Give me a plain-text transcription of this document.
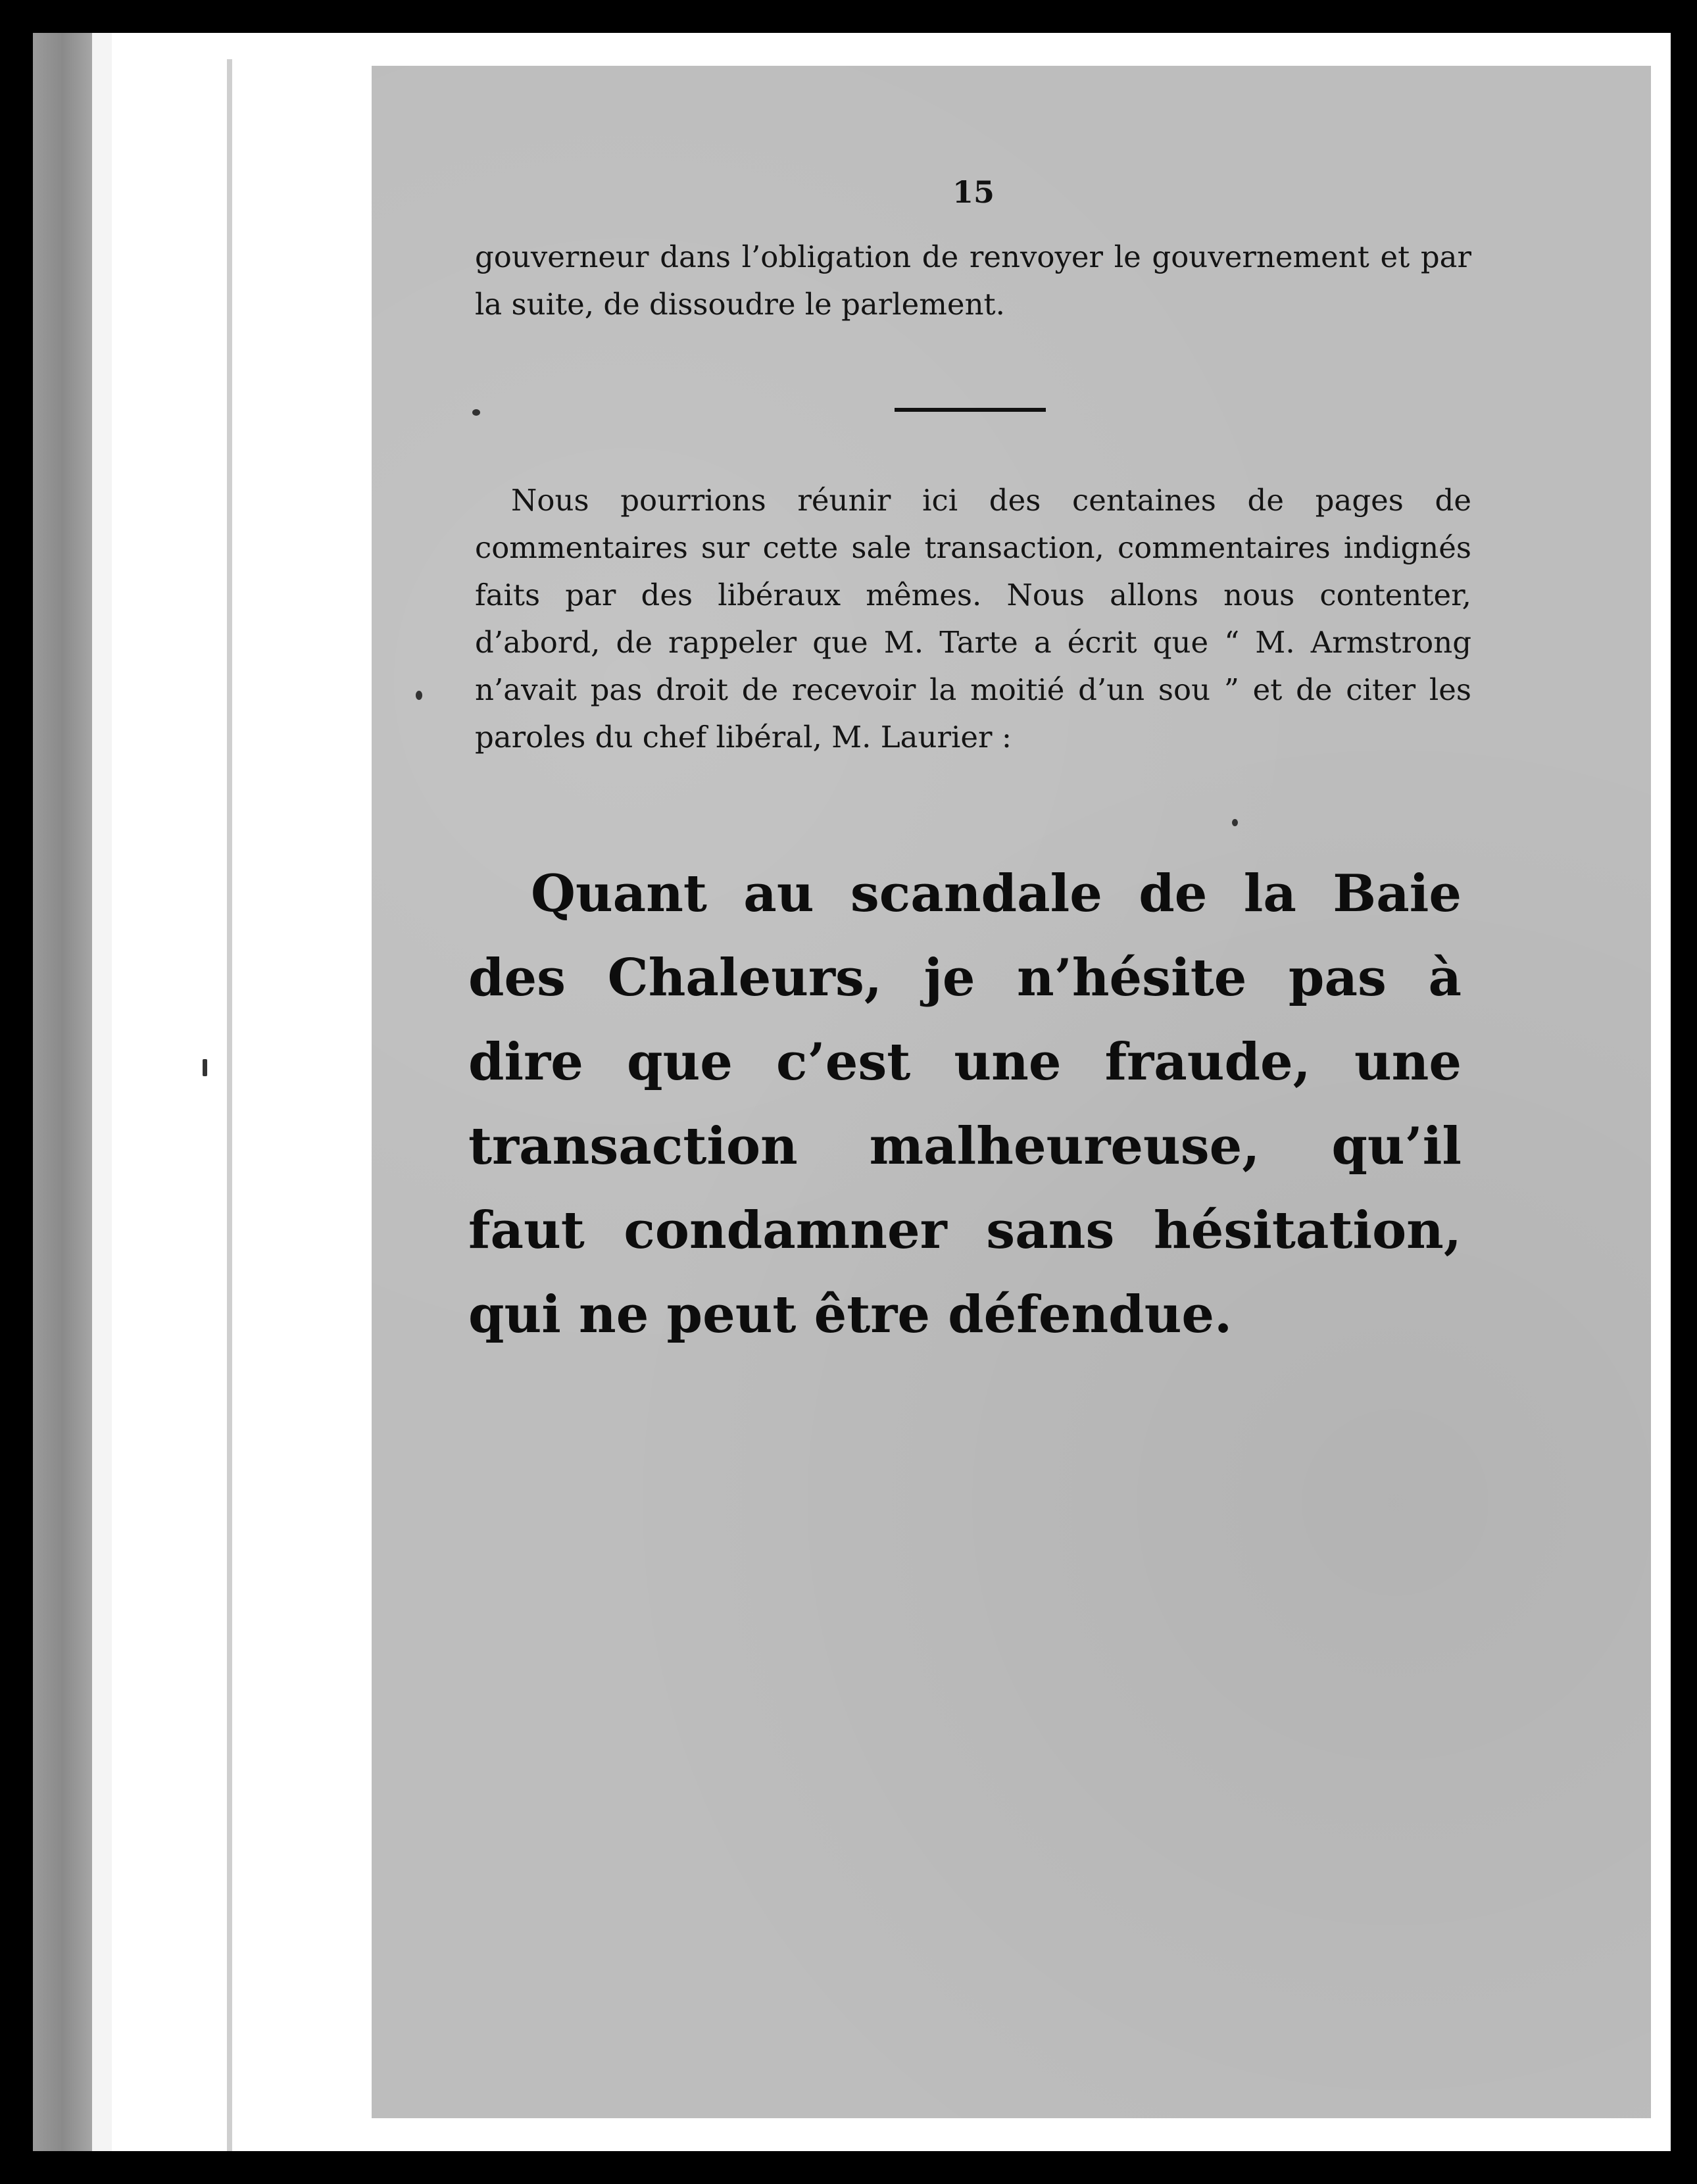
15
gouverneur dans l’obligation de renvoyer le gouvernement et par la suite, de dissoudre le parlement.
Nous pourrions réunir ici des centaines de pages de commentaires sur cette sale transaction, commentaires indignés faits par des libéraux mêmes. Nous allons nous contenter, d’abord, de rappeler que M. Tarte a écrit que “ M. Armstrong n’avait pas droit de recevoir la moitié d’un sou ” et de citer les paroles du chef libéral, M. Laurier :
Quant au scandale de la Baie des Chaleurs, je n’hésite pas à dire que c’est une fraude, une transaction malheureuse, qu’il faut condamner sans hésitation, qui ne peut être défendue.
